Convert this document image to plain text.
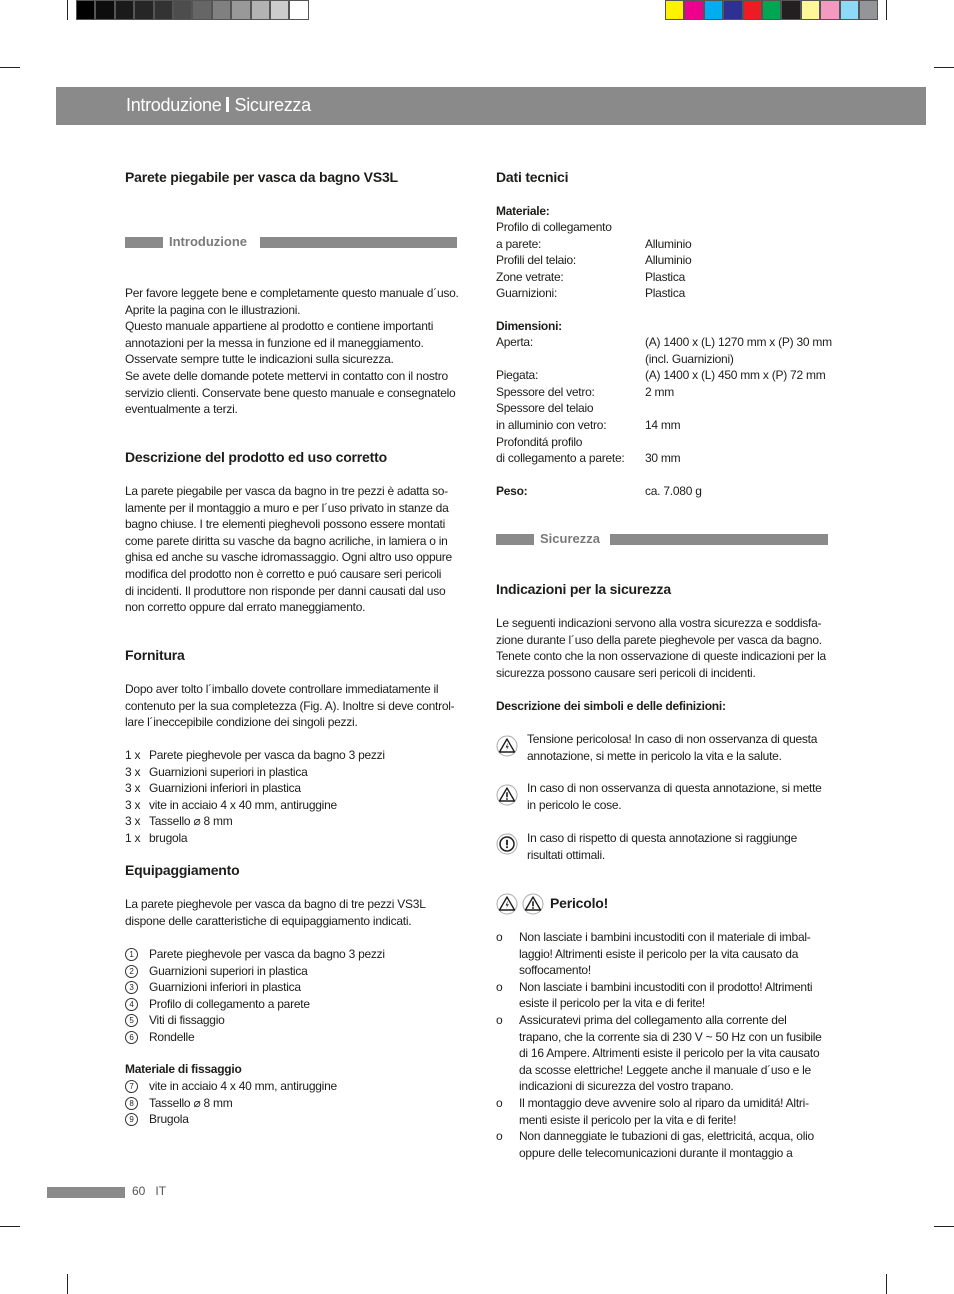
Introduzione Sicurezza
Parete piegabile per vasca da bagno VS3L
Introduzione
Per favore leggete bene e completamente questo manuale d´uso.
Aprite la pagina con le illustrazioni.
Questo manuale appartiene al prodotto e contiene importanti
annotazioni per la messa in funzione ed il maneggiamento.
Osservate sempre tutte le indicazioni sulla sicurezza.
Se avete delle domande potete mettervi in contatto con il nostro
servizio clienti. Conservate bene questo manuale e consegnatelo
eventualmente a terzi.
Descrizione del prodotto ed uso corretto
La parete piegabile per vasca da bagno in tre pezzi è adatta so-
lamente per il montaggio a muro e per l´uso privato in stanze da
bagno chiuse. I tre elementi pieghevoli possono essere montati
come parete diritta su vasche da bagno acriliche, in lamiera o in
ghisa ed anche su vasche idromassaggio. Ogni altro uso oppure
modifica del prodotto non è corretto e puó causare seri pericoli
di incidenti. Il produttore non risponde per danni causati dal uso
non corretto oppure dal errato maneggiamento.
Fornitura
Dopo aver tolto l´imballo dovete controllare immediatamente il
contenuto per la sua completezza (Fig. A). Inoltre si deve control-
lare l´ineccepibile condizione dei singoli pezzi.
1 x Parete pieghevole per vasca da bagno 3 pezzi
3 x Guarnizioni superiori in plastica
3 x Guarnizioni inferiori in plastica
3 x vite in acciaio 4 x 40 mm, antiruggine
3 x Tassello ⌀ 8 mm
1 x brugola
Equipaggiamento
La parete pieghevole per vasca da bagno di tre pezzi VS3L
dispone delle caratteristiche di equipaggiamento indicati.
1	Parete pieghevole per vasca da bagno 3 pezzi
2	Guarnizioni superiori in plastica
3	Guarnizioni inferiori in plastica
4	Profilo di collegamento a parete
5	Viti di fissaggio
6	Rondelle
Materiale di fissaggio
7	vite in acciaio 4 x 40 mm, antiruggine
8	Tassello ⌀ 8 mm
9	Brugola
Dati tecnici
Materiale:
Profilo di collegamento
a parete:	Alluminio
Profili del telaio:	Alluminio
Zone vetrate:	Plastica
Guarnizioni:	Plastica
Dimensioni:
Aperta:	(A) 1400 x (L) 1270 mm x (P) 30 mm
(incl. Guarnizioni)
Piegata:	(A) 1400 x (L) 450 mm x (P) 72 mm
Spessore del vetro:	2 mm
Spessore del telaio
in alluminio con vetro:	14 mm
Profonditá profilo
di collegamento a parete: 30 mm
Peso:	ca. 7.080 g
Sicurezza
Indicazioni per la sicurezza
Le seguenti indicazioni servono alla vostra sicurezza e soddisfa-
zione durante l´uso della parete pieghevole per vasca da bagno.
Tenete conto che la non osservazione di queste indicazioni per la
sicurezza possono causare seri pericoli di incidenti.
Descrizione dei simboli e delle definizioni:
Tensione pericolosa! In caso di non osservanza di questa
annotazione, si mette in pericolo la vita e la salute.
In caso di non osservanza di questa annotazione, si mette
in pericolo le cose.
In caso di rispetto di questa annotazione si raggiunge
risultati ottimali.
Pericolo!
o Non lasciate i bambini incustoditi con il materiale di imbal-
laggio! Altrimenti esiste il pericolo per la vita causato da
soffocamento!
o Non lasciate i bambini incustoditi con il prodotto! Altrimenti
esiste il pericolo per la vita e di ferite!
o Assicuratevi prima del collegamento alla corrente del
trapano, che la corrente sia di 230 V ~ 50 Hz con un fusibile
di 16 Ampere. Altrimenti esiste il pericolo per la vita causato
da scosse elettriche! Leggete anche il manuale d´uso e le
indicazioni di sicurezza del vostro trapano.
o Il montaggio deve avvenire solo al riparo da umiditá! Altri-
menti esiste il pericolo per la vita e di ferite!
o Non danneggiate le tubazioni di gas, elettricitá, acqua, olio
oppure delle telecomunicazioni durante il montaggio a
60 IT
